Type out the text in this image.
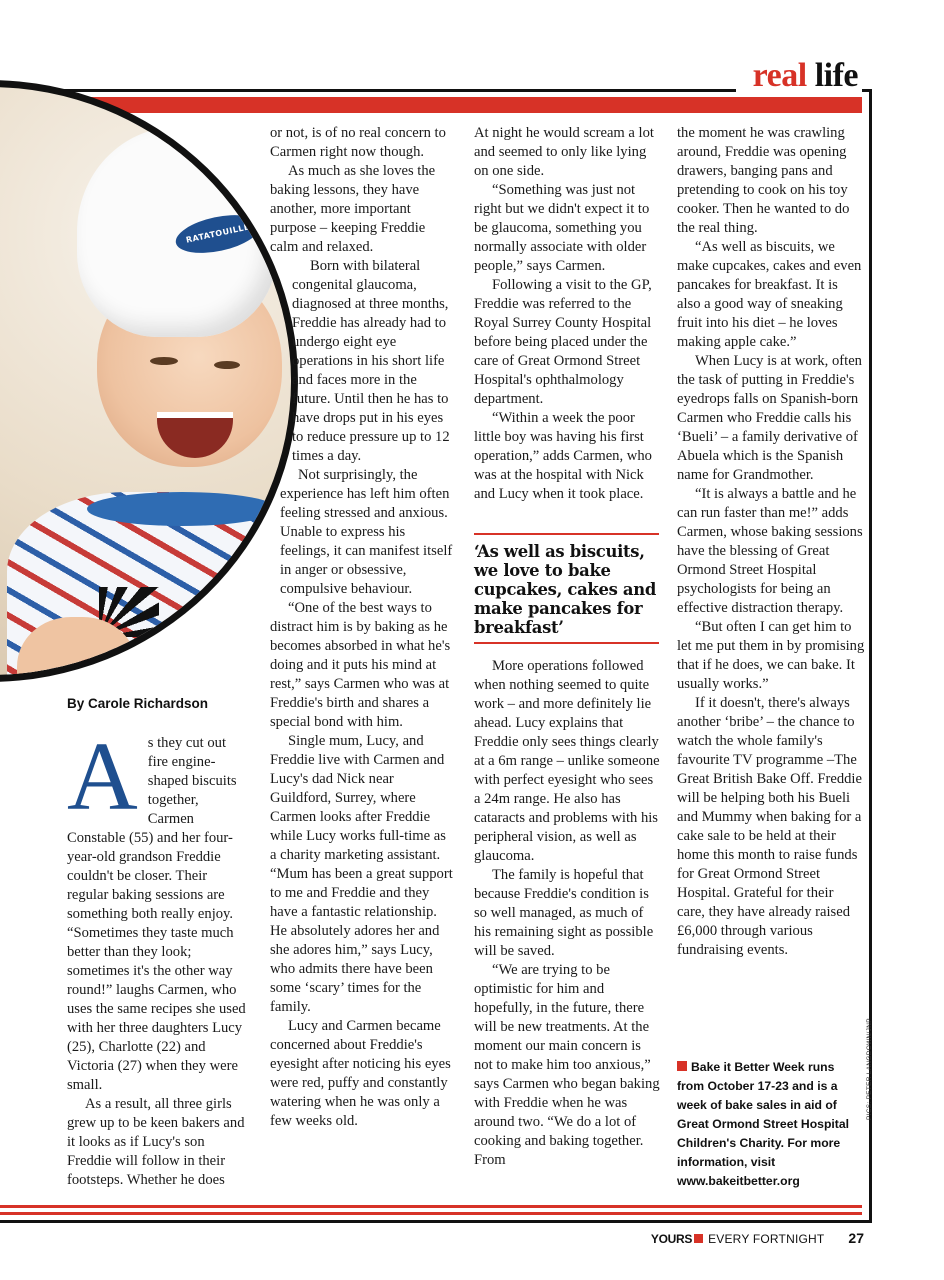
real life
RATATOUILLE
By Carole Richardson
A s they cut out fire engine-shaped biscuits together, Carmen Constable (55) and her four-year-old grandson Freddie couldn't be closer. Their regular baking sessions are something both really enjoy. “Sometimes they taste much better than they look; sometimes it's the other way round!” laughs Carmen, who uses the same recipes she used with her three daughters Lucy (25), Charlotte (22) and Victoria (27) when they were small.

As a result, all three girls grew up to be keen bakers and it looks as if Lucy's son Freddie will follow in their footsteps. Whether he does

or not, is of no real concern to Carmen right now though.

As much as she loves the baking lessons, they have another, more important purpose – keeping Freddie calm and relaxed.

Born with bilateral congenital glaucoma, diagnosed at three months, Freddie has already had to undergo eight eye operations in his short life and faces more in the future. Until then he has to have drops put in his eyes to reduce pressure up to 12 times a day.

Not surprisingly, the experience has left him often feeling stressed and anxious. Unable to express his feelings, it can manifest itself in anger or obsessive, compulsive behaviour.

“One of the best ways to distract him is by baking as he becomes absorbed in what he's doing and it puts his mind at rest,” says Carmen who was at Freddie's birth and shares a special bond with him.

Single mum, Lucy, and Freddie live with Carmen and Lucy's dad Nick near Guildford, Surrey, where Carmen looks after Freddie while Lucy works full-time as a charity marketing assistant. “Mum has been a great support to me and Freddie and they have a fantastic relationship. He absolutely adores her and she adores him,” says Lucy, who admits there have been some ‘scary’ times for the family.

Lucy and Carmen became concerned about Freddie's eyesight after noticing his eyes were red, puffy and constantly watering when he was only a few weeks old.

At night he would scream a lot and seemed to only like lying on one side.

“Something was just not right but we didn't expect it to be glaucoma, something you normally associate with older people,” says Carmen.

Following a visit to the GP, Freddie was referred to the Royal Surrey County Hospital before being placed under the care of Great Ormond Street Hospital's ophthalmology department.

“Within a week the poor little boy was having his first operation,” adds Carmen, who was at the hospital with Nick and Lucy when it took place.

‘As well as biscuits, we love to bake cupcakes, cakes and make pancakes for breakfast’

More operations followed when nothing seemed to quite work – and more definitely lie ahead. Lucy explains that Freddie only sees things clearly at a 6m range – unlike someone with perfect eyesight who sees a 24m range. He also has cataracts and problems with his peripheral vision, as well as glaucoma.

The family is hopeful that because Freddie's condition is so well managed, as much of his remaining sight as possible will be saved.

“We are trying to be optimistic for him and hopefully, in the future, there will be new treatments. At the moment our main concern is not to make him too anxious,” says Carmen who began baking with Freddie when he was around two. “We do a lot of cooking and baking together. From

the moment he was crawling around, Freddie was opening drawers, banging pans and pretending to cook on his toy cooker. Then he wanted to do the real thing.

“As well as biscuits, we make cupcakes, cakes and even pancakes for breakfast. It is also a good way of sneaking fruit into his diet – he loves making apple cake.”

When Lucy is at work, often the task of putting in Freddie's eyedrops falls on Spanish-born Carmen who Freddie calls his ‘Bueli’ – a family derivative of Abuela which is the Spanish name for Grandmother.

“It is always a battle and he can run faster than me!” adds Carmen, whose baking sessions have the blessing of Great Ormond Street Hospital psychologists for being an effective distraction therapy.

“But often I can get him to let me put them in by promising that if he does, we can bake. It usually works.”

If it doesn't, there's always another ‘bribe’ – the chance to watch the whole family's favourite TV programme –The Great British Bake Off. Freddie will be helping both his Bueli and Mummy when baking for a cake sale to be held at their home this month to raise funds for Great Ormond Street Hospital. Grateful for their care, they have already raised £6,000 through various fundraising events.

Bake it Better Week runs from October 17-23 and is a week of bake sales in aid of Great Ormond Street Hospital Children's Charity. For more information, visit www.bakeitbetter.org
PICS: PETER LANGDOWN/JNP
YOURS EVERY FORTNIGHT 27
